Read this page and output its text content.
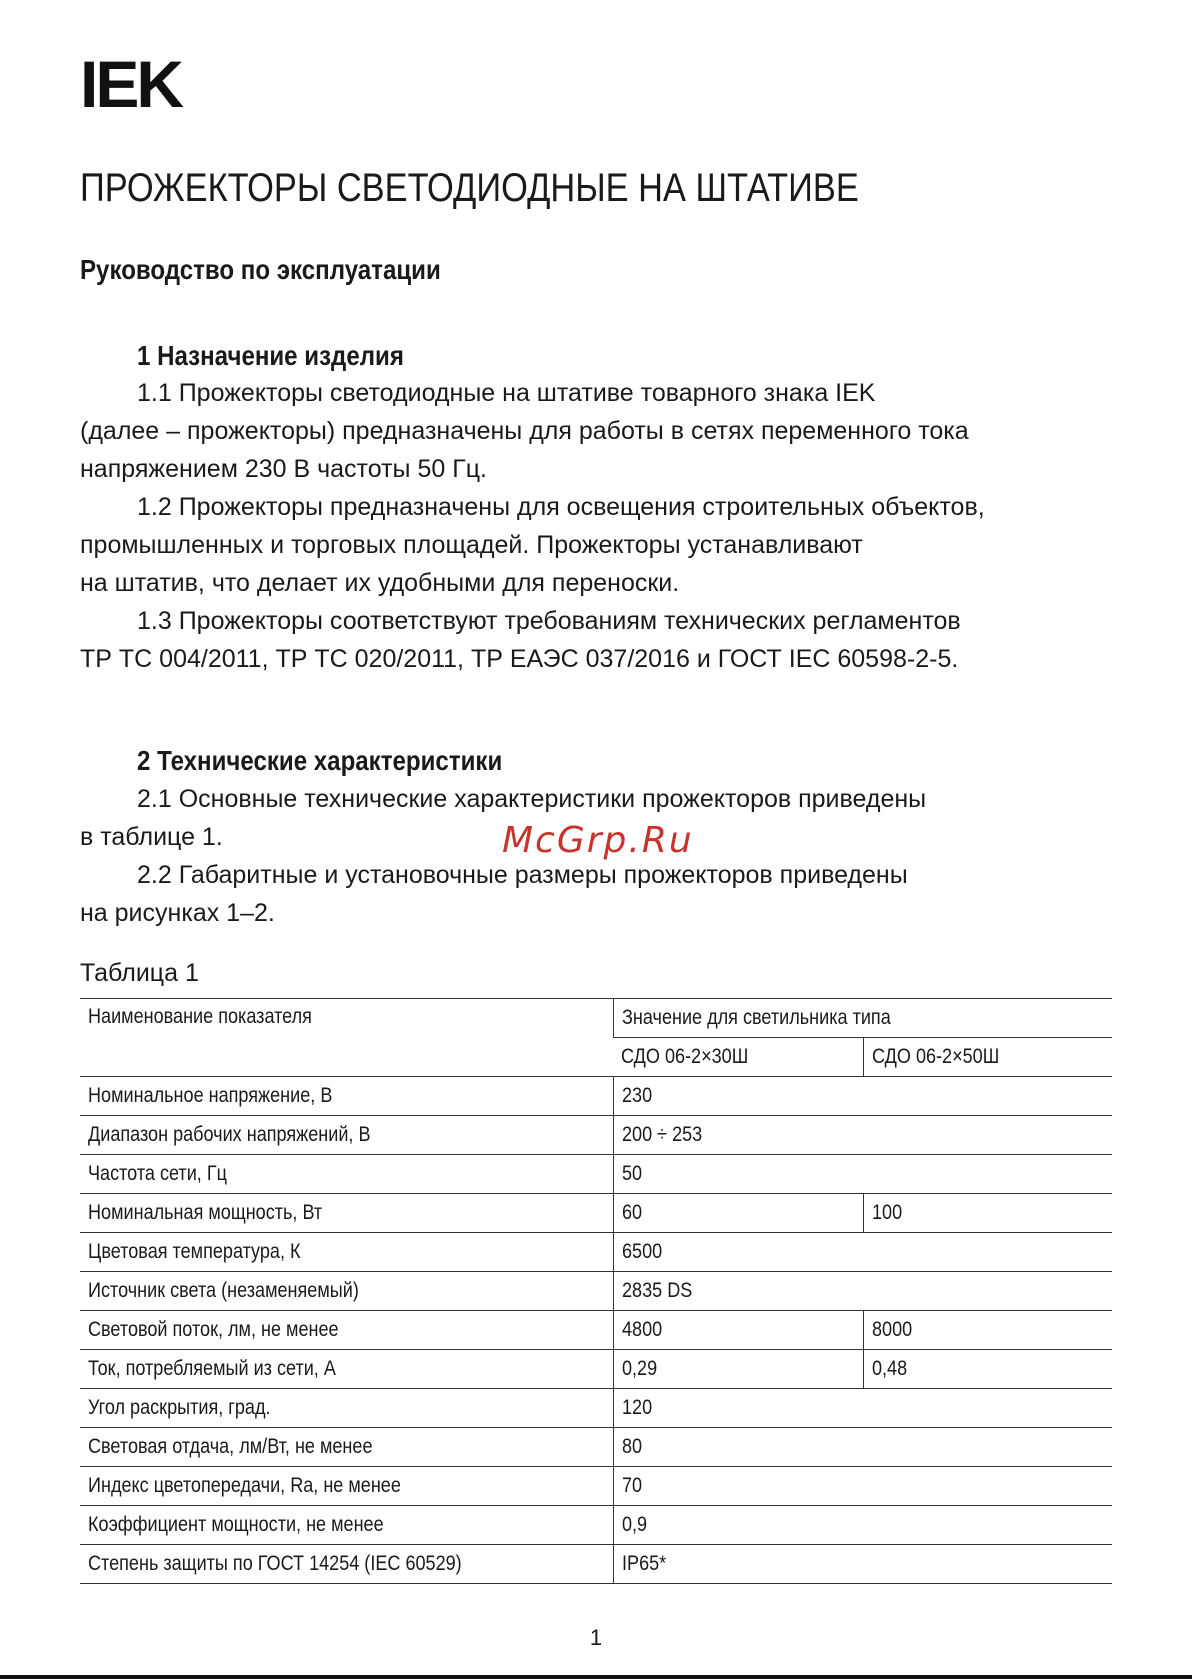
IEK
ПРОЖЕКТОРЫ СВЕТОДИОДНЫЕ НА ШТАТИВЕ
Руководство по эксплуатации
1 Назначение изделия

1.1 Прожекторы светодиодные на штативе товарного знака IEK
(далее – прожекторы) предназначены для работы в сетях переменного тока
напряжением 230 В частоты 50 Гц.

1.2 Прожекторы предназначены для освещения строительных объектов,
промышленных и торговых площадей. Прожекторы устанавливают
на штатив, что делает их удобными для переноски.

1.3 Прожекторы соответствуют требованиям технических регламентов
ТР ТС 004/2011, ТР ТС 020/2011, ТР ЕАЭС 037/2016 и ГОСТ IEC 60598-2-5.

2 Технические характеристики

2.1 Основные технические характеристики прожекторов приведены
в таблице 1.

2.2 Габаритные и установочные размеры прожекторов приведены
на рисунках 1–2.

McGrp.Ru
Таблица 1
Наименование показателя	Значение для светильника типа	
	СДО 06-2×30Ш	СДО 06-2×50Ш
Номинальное напряжение, В	230	
Диапазон рабочих напряжений, В	200 ÷ 253	
Частота сети, Гц	50	
Номинальная мощность, Вт	60	100
Цветовая температура, К	6500	
Источник света (незаменяемый)	2835 DS	
Световой поток, лм, не менее	4800	8000
Ток, потребляемый из сети, А	0,29	0,48
Угол раскрытия, град.	120	
Световая отдача, лм/Вт, не менее	80	
Индекс цветопередачи, Ra, не менее	70	
Коэффициент мощности, не менее	0,9	
Степень защиты по ГОСТ 14254 (IEC 60529)	IP65*	
1
